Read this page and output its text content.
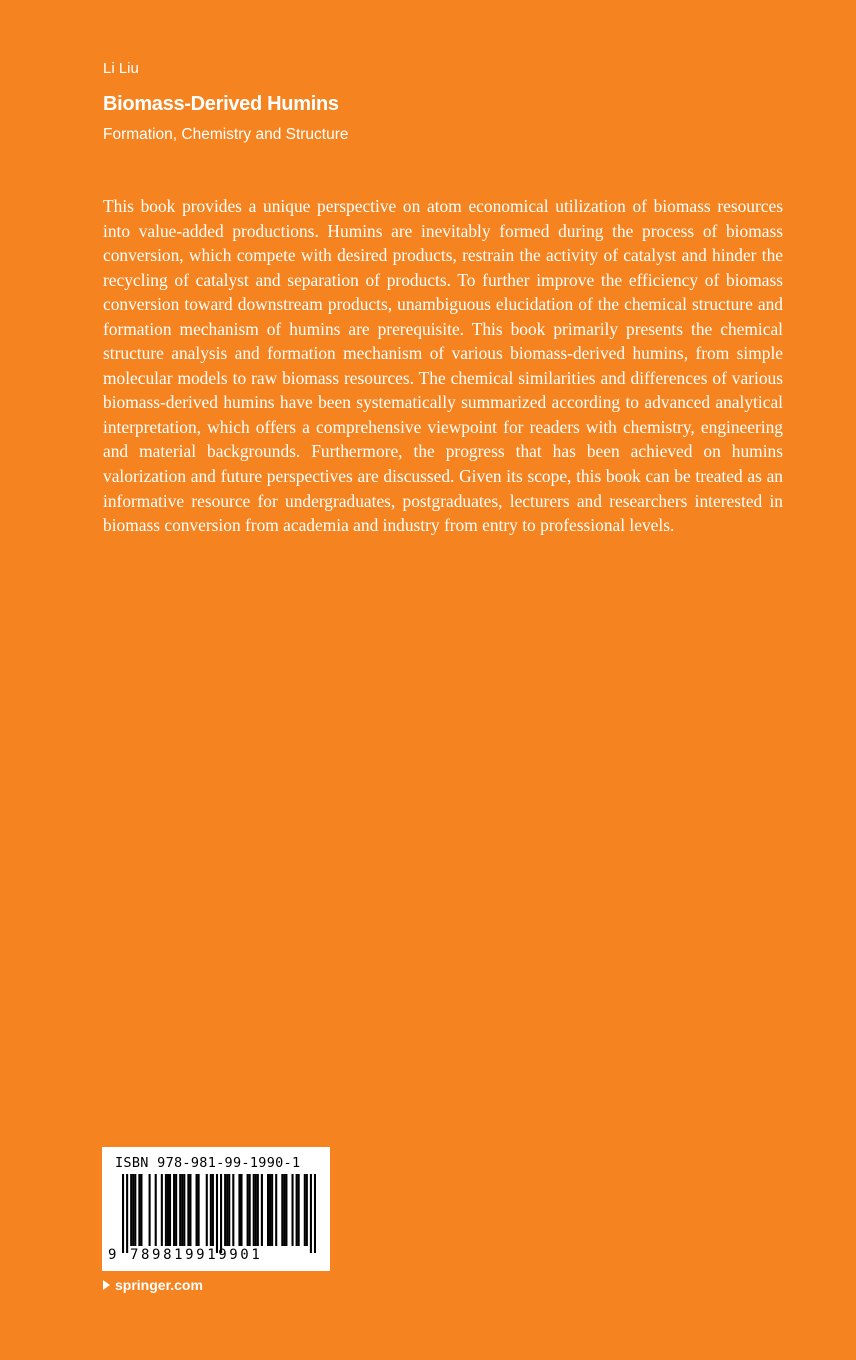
Li Liu
Biomass-Derived Humins
Formation, Chemistry and Structure

This book provides a unique perspective on atom economical utilization of biomass resources into value-added productions. Humins are inevitably formed during the process of biomass conversion, which compete with desired products, restrain the activity of catalyst and hinder the recycling of catalyst and separation of products. To further improve the efficiency of biomass conversion toward downstream products, unambiguous elucidation of the chemical structure and formation mechanism of humins are prerequisite. This book primarily presents the chemical structure analysis and formation mechanism of various biomass-derived humins, from simple molecular models to raw biomass resources. The chemical similarities and differences of various biomass-derived humins have been systematically summarized according to advanced analytical interpretation, which offers a comprehensive viewpoint for readers with chemistry, engineering and material backgrounds. Furthermore, the progress that has been achieved on humins valorization and future perspectives are discussed. Given its scope, this book can be treated as an informative resource for undergraduates, postgraduates, lecturers and researchers interested in biomass conversion from academia and industry from entry to professional levels.

ISBN 978-981-99-1990-1
9 789819919901
springer.com
